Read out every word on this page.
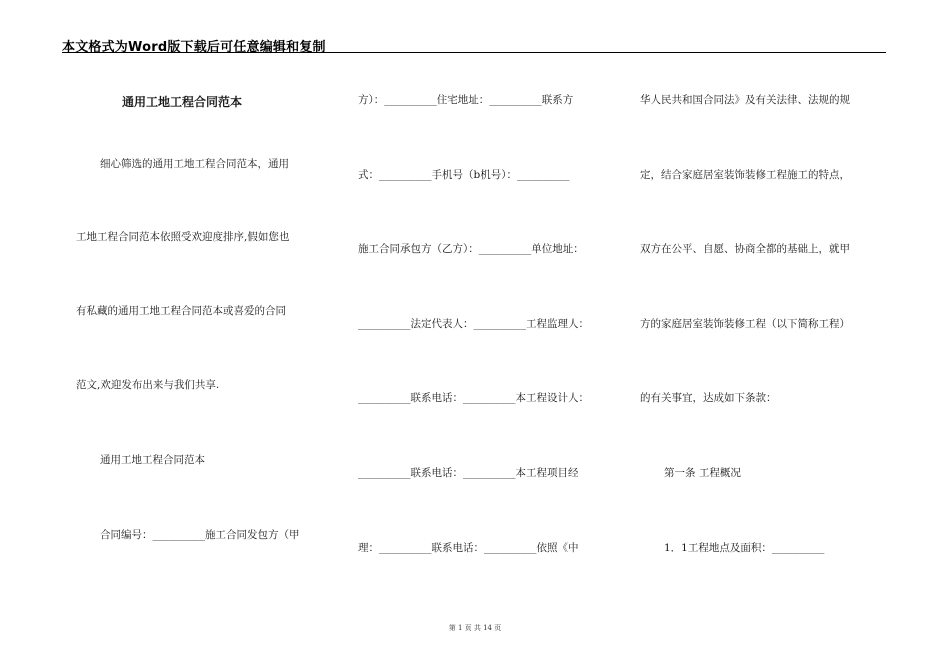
本文格式为Word版下载后可任意编辑和复制
通用工地工程合同范本
细心筛选的通用工地工程合同范本，通用
工地工程合同范本依照受欢迎度排序,假如您也
有私藏的通用工地工程合同范本或喜爱的合同
范文,欢迎发布出来与我们共享.
通用工地工程合同范本
合同编号：__________施工合同发包方（甲
方）：__________住宅地址：__________联系方
式：__________手机号（b机号）：__________
施工合同承包方（乙方）：__________单位地址：
__________法定代表人：__________工程监理人：
__________联系电话：__________本工程设计人：
__________联系电话：__________本工程项目经
理：__________联系电话：__________依照《中
华人民共和国合同法》及有关法律、法规的规
定，结合家庭居室装饰装修工程施工的特点，
双方在公平、自愿、协商全都的基础上，就甲
方的家庭居室装饰装修工程（以下简称工程）
的有关事宜，达成如下条款：
第一条 工程概况
1．1工程地点及面积：__________
第 1 页 共 14 页
